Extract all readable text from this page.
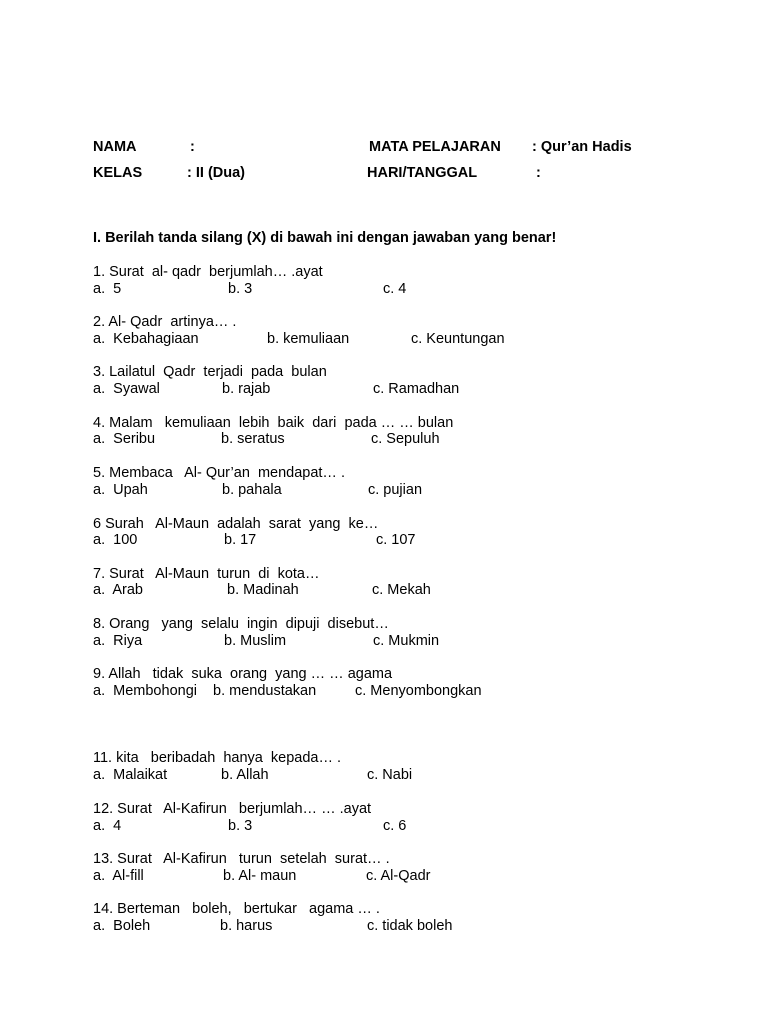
NAMA	:	MATA PELAJARAN : Qur’an Hadis
KELAS	: II (Dua)	HARI/TANGGAL	:
I. Berilah tanda silang (X) di bawah ini dengan jawaban yang benar!
1. Surat  al- qadr  berjumlah… .ayat
a.  5	b. 3	c. 4
2. Al- Qadr  artinya… .
a.  Kebahagiaan	b. kemuliaan	c. Keuntungan
3. Lailatul  Qadr  terjadi  pada  bulan
a.  Syawal	b. rajab	c. Ramadhan
4. Malam   kemuliaan  lebih  baik  dari  pada … … bulan
a.  Seribu	b. seratus	c. Sepuluh
5. Membaca   Al- Qur’an  mendapat… .
a.  Upah	b. pahala	c. pujian
6 Surah   Al-Maun  adalah  sarat  yang  ke…
a.  100	b. 17	c. 107
7. Surat   Al-Maun  turun  di  kota…
a.  Arab	b. Madinah	c. Mekah
8. Orang   yang  selalu  ingin  dipuji  disebut…
a.  Riya	b. Muslim	c. Mukmin
9. Allah   tidak  suka  orang  yang … … agama
a.  Membohongi b. mendustakan	c. Menyombongkan
11. kita   beribadah  hanya  kepada… .
a.  Malaikat	b. Allah	c. Nabi
12. Surat   Al-Kafirun   berjumlah… … .ayat
a.  4	b. 3	c. 6
13. Surat   Al-Kafirun   turun  setelah  surat… .
a.  Al-fill	b. Al- maun	c. Al-Qadr
14. Berteman   boleh,   bertukar   agama … .
a.  Boleh	b. harus	c. tidak boleh
